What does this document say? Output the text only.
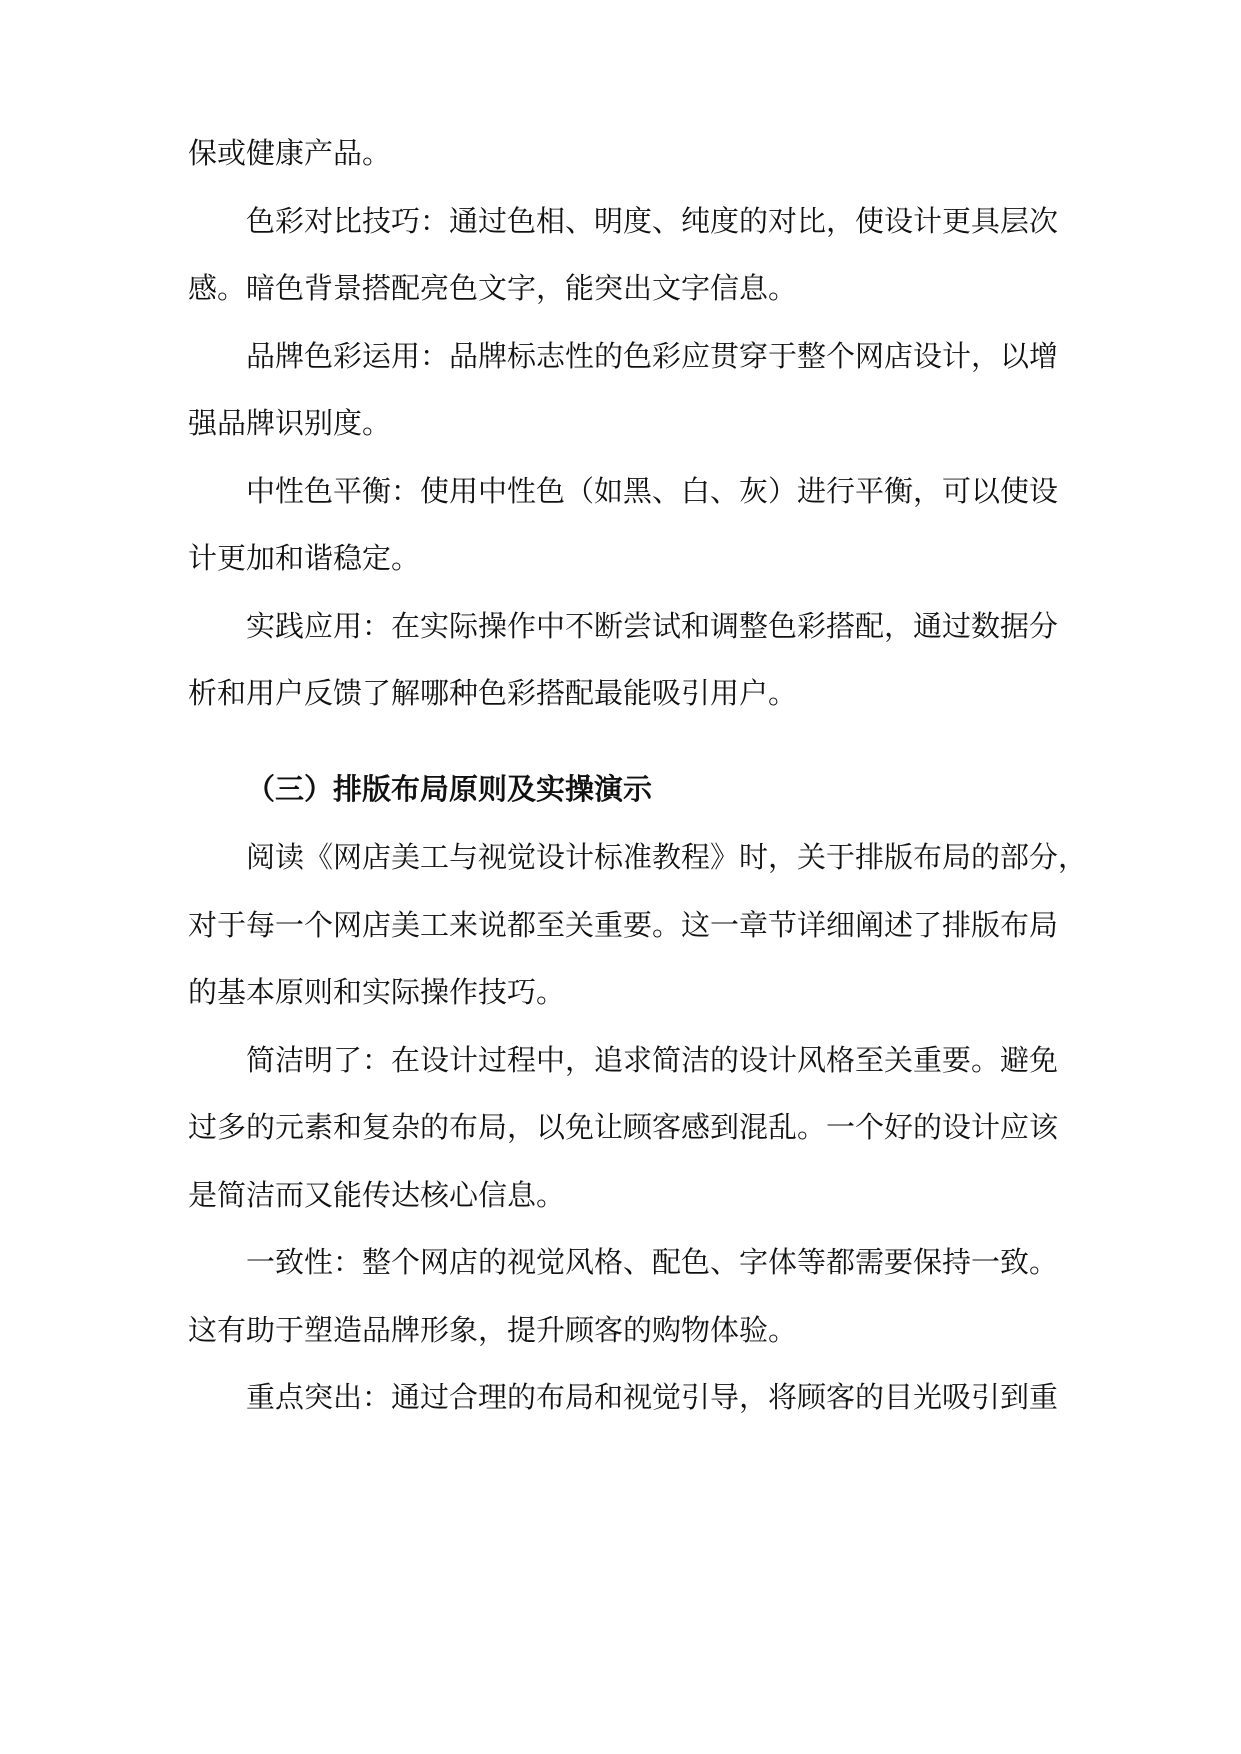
保或健康产品。
色彩对比技巧：通过色相、明度、纯度的对比，使设计更具层次
感。暗色背景搭配亮色文字，能突出文字信息。
品牌色彩运用：品牌标志性的色彩应贯穿于整个网店设计，以增
强品牌识别度。
中性色平衡：使用中性色（如黑、白、灰）进行平衡，可以使设
计更加和谐稳定。
实践应用：在实际操作中不断尝试和调整色彩搭配，通过数据分
析和用户反馈了解哪种色彩搭配最能吸引用户。
（三）排版布局原则及实操演示
阅读《网店美工与视觉设计标准教程》时，关于排版布局的部分，
对于每一个网店美工来说都至关重要。这一章节详细阐述了排版布局
的基本原则和实际操作技巧。
简洁明了：在设计过程中，追求简洁的设计风格至关重要。避免
过多的元素和复杂的布局，以免让顾客感到混乱。一个好的设计应该
是简洁而又能传达核心信息。
一致性：整个网店的视觉风格、配色、字体等都需要保持一致。
这有助于塑造品牌形象，提升顾客的购物体验。
重点突出：通过合理的布局和视觉引导，将顾客的目光吸引到重
